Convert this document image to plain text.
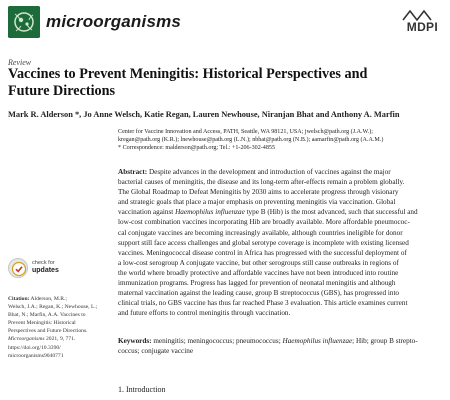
microorganisms	MDPI
Review
Vaccines to Prevent Meningitis: Historical Perspectives and
Future Directions
Mark R. Alderson *, Jo Anne Welsch, Katie Regan, Lauren Newhouse, Niranjan Bhat and Anthony A. Marfin

Center for Vaccine Innovation and Access, PATH, Seattle, WA 98121, USA; jwelsch@path.org (J.A.W.);

kregan@path.org (K.R.); lnewhouse@path.org (L.N.); nbhat@path.org (N.B.); aamarfin@path.org (A.A.M.)

* Correspondence: malderson@path.org; Tel.: +1-206-302-4855

Abstract: Despite advances in the development and introduction of vaccines against the major
bacterial causes of meningitis, the disease and its long-term after-effects remain a problem globally.
The Global Roadmap to Defeat Meningitis by 2030 aims to accelerate progress through visionary
and strategic goals that place a major emphasis on preventing meningitis via vaccination. Global
vaccination against Haemophilus influenzae type B (Hib) is the most advanced, such that successful and
low-cost combination vaccines incorporating Hib are broadly available. More affordable pneumococ-
cal conjugate vaccines are becoming increasingly available, although countries ineligible for donor
support still face access challenges and global serotype coverage is incomplete with existing licensed
vaccines. Meningococcal disease control in Africa has progressed with the successful deployment of
a low-cost serogroup A conjugate vaccine, but other serogroups still cause outbreaks in regions of
the world where broadly protective and affordable vaccines have not been introduced into routine
immunization programs. Progress has lagged for prevention of neonatal meningitis and although
maternal vaccination against the leading cause, group B streptococcus (GBS), has progressed into
clinical trials, no GBS vaccine has thus far reached Phase 3 evaluation. This article examines current
and future efforts to control meningitis through vaccination.
Keywords: meningitis; meningococcus; pneumococcus; Haemophilus influenzae; Hib; group B strepto-
coccus; conjugate vaccine
1. Introduction
check for
updates

Citation: Alderson, M.R.;

Welsch, J.A.; Regan, K.; Newhouse, L.;

Bhat, N.; Marfin, A.A. Vaccines to

Prevent Meningitis: Historical

Perspectives and Future Directions.

Microorganisms 2021, 9, 771.

https://doi.org/10.3390/

microorganisms9040771
